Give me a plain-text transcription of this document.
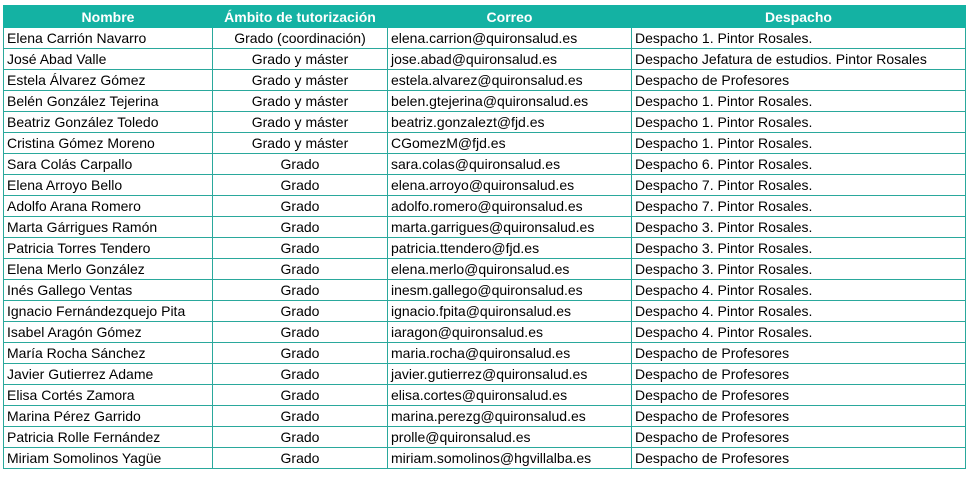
Nombre	Ámbito de tutorización	Correo	Despacho
Elena Carrión Navarro	Grado (coordinación)	elena.carrion@quironsalud.es	Despacho 1. Pintor Rosales.
José Abad Valle	Grado y máster	jose.abad@quironsalud.es	Despacho Jefatura de estudios. Pintor Rosales
Estela Álvarez Gómez	Grado y máster	estela.alvarez@quironsalud.es	Despacho de Profesores
Belén González Tejerina	Grado y máster	belen.gtejerina@quironsalud.es	Despacho 1. Pintor Rosales.
Beatriz González Toledo	Grado y máster	beatriz.gonzalezt@fjd.es	Despacho 1. Pintor Rosales.
Cristina Gómez Moreno	Grado y máster	CGomezM@fjd.es	Despacho 1. Pintor Rosales.
Sara Colás Carpallo	Grado	sara.colas@quironsalud.es	Despacho 6. Pintor Rosales.
Elena Arroyo Bello	Grado	elena.arroyo@quironsalud.es	Despacho 7. Pintor Rosales.
Adolfo Arana Romero	Grado	adolfo.romero@quironsalud.es	Despacho 7. Pintor Rosales.
Marta Gárrigues Ramón	Grado	marta.garrigues@quironsalud.es	Despacho 3. Pintor Rosales.
Patricia Torres Tendero	Grado	patricia.ttendero@fjd.es	Despacho 3. Pintor Rosales.
Elena Merlo González	Grado	elena.merlo@quironsalud.es	Despacho 3. Pintor Rosales.
Inés Gallego Ventas	Grado	inesm.gallego@quironsalud.es	Despacho 4. Pintor Rosales.
Ignacio Fernándezquejo Pita	Grado	ignacio.fpita@quironsalud.es	Despacho 4. Pintor Rosales.
Isabel Aragón Gómez	Grado	iaragon@quironsalud.es	Despacho 4. Pintor Rosales.
María Rocha Sánchez	Grado	maria.rocha@quironsalud.es	Despacho de Profesores
Javier Gutierrez Adame	Grado	javier.gutierrez@quironsalud.es	Despacho de Profesores
Elisa Cortés Zamora	Grado	elisa.cortes@quironsalud.es	Despacho de Profesores
Marina Pérez Garrido	Grado	marina.perezg@quironsalud.es	Despacho de Profesores
Patricia Rolle Fernández	Grado	prolle@quironsalud.es	Despacho de Profesores
Miriam Somolinos Yagüe	Grado	miriam.somolinos@hgvillalba.es	Despacho de Profesores
